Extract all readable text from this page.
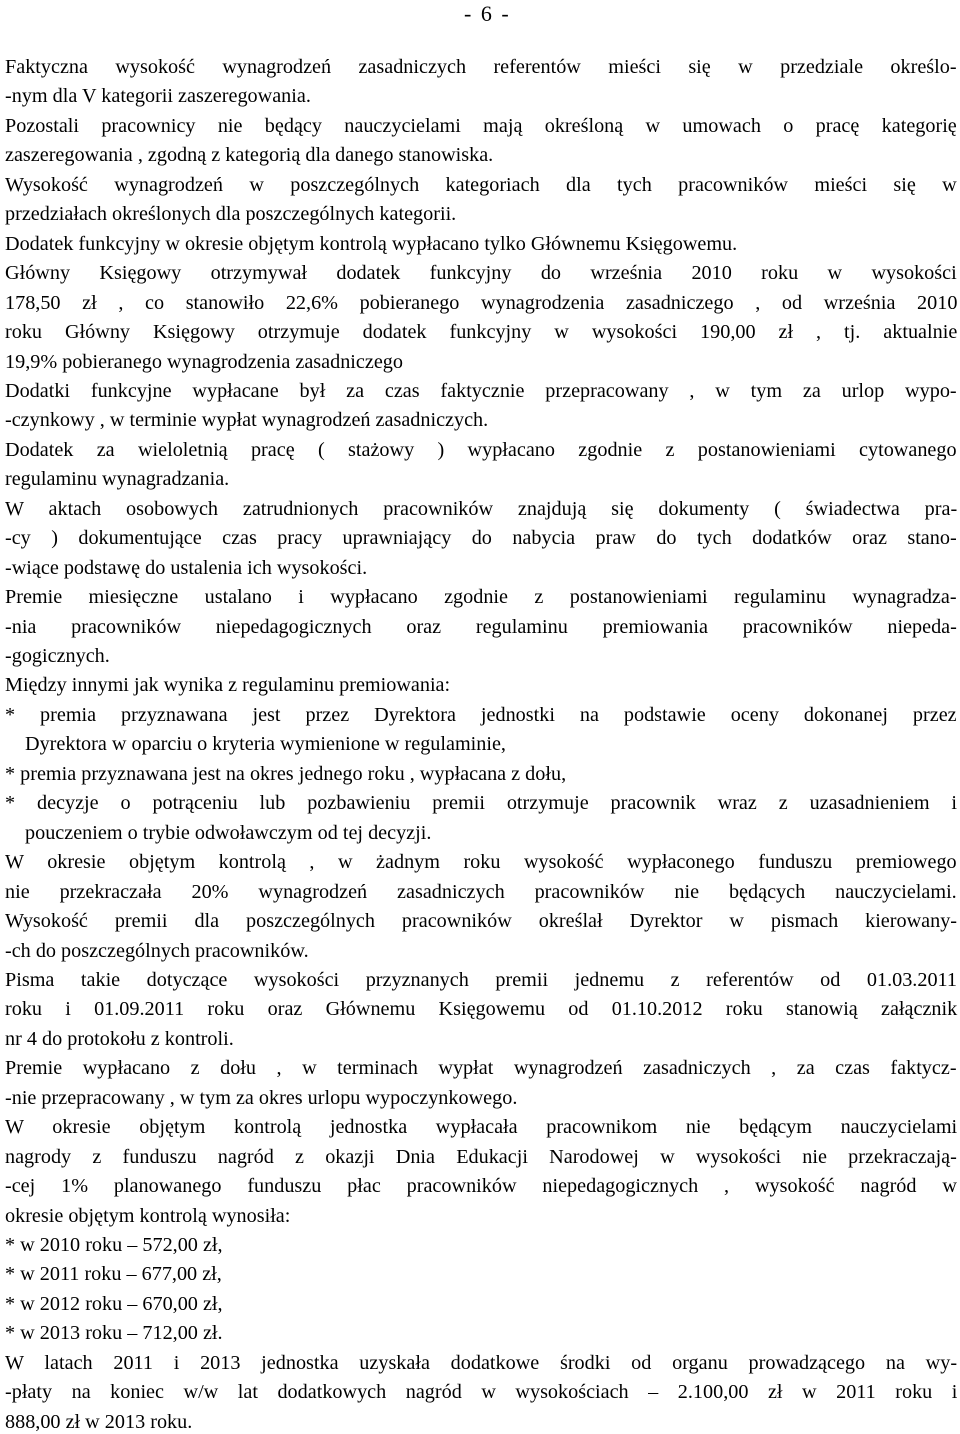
- 6 -
Faktyczna wysokość wynagrodzeń zasadniczych referentów mieści się w przedziale określo-
-nym dla V kategorii zaszeregowania.
Pozostali pracownicy nie będący nauczycielami mają określoną w umowach o pracę kategorię
zaszeregowania , zgodną z kategorią dla danego stanowiska.
Wysokość wynagrodzeń w poszczególnych kategoriach dla tych pracowników mieści się w
przedziałach określonych dla poszczególnych kategorii.
Dodatek funkcyjny w okresie objętym kontrolą wypłacano tylko Głównemu Księgowemu.
Główny Księgowy otrzymywał dodatek funkcyjny do września 2010 roku w wysokości
178,50 zł , co stanowiło 22,6% pobieranego wynagrodzenia zasadniczego , od września 2010
roku Główny Księgowy otrzymuje dodatek funkcyjny w wysokości 190,00 zł , tj. aktualnie
19,9% pobieranego wynagrodzenia zasadniczego
Dodatki funkcyjne wypłacane był za czas faktycznie przepracowany , w tym za urlop wypo-
-czynkowy , w terminie wypłat wynagrodzeń zasadniczych.
Dodatek za wieloletnią pracę ( stażowy ) wypłacano zgodnie z postanowieniami cytowanego
regulaminu wynagradzania.
W aktach osobowych zatrudnionych pracowników znajdują się dokumenty ( świadectwa pra-
-cy ) dokumentujące czas pracy uprawniający do nabycia praw do tych dodatków oraz stano-
-wiące podstawę do ustalenia ich wysokości.
Premie miesięczne ustalano i wypłacano zgodnie z postanowieniami regulaminu wynagradza-
-nia pracowników niepedagogicznych oraz regulaminu premiowania pracowników niepeda-
-gogicznych.
Między innymi jak wynika z regulaminu premiowania:
* premia przyznawana jest przez Dyrektora jednostki na podstawie oceny dokonanej przez
Dyrektora w oparciu o kryteria wymienione w regulaminie,
* premia przyznawana jest na okres jednego roku , wypłacana z dołu,
* decyzje o potrąceniu lub pozbawieniu premii otrzymuje pracownik wraz z uzasadnieniem i
pouczeniem o trybie odwoławczym od tej decyzji.
W okresie objętym kontrolą , w żadnym roku wysokość wypłaconego funduszu premiowego
nie przekraczała 20% wynagrodzeń zasadniczych pracowników nie będących nauczycielami.
Wysokość premii dla poszczególnych pracowników określał Dyrektor w pismach kierowany-
-ch do poszczególnych pracowników.
Pisma takie dotyczące wysokości przyznanych premii jednemu z referentów od 01.03.2011
roku i 01.09.2011 roku oraz Głównemu Księgowemu od 01.10.2012 roku stanowią załącznik
nr 4 do protokołu z kontroli.
Premie wypłacano z dołu , w terminach wypłat wynagrodzeń zasadniczych , za czas faktycz-
-nie przepracowany , w tym za okres urlopu wypoczynkowego.
W okresie objętym kontrolą jednostka wypłacała pracownikom nie będącym nauczycielami
nagrody z funduszu nagród z okazji Dnia Edukacji Narodowej w wysokości nie przekraczają-
-cej 1% planowanego funduszu płac pracowników niepedagogicznych , wysokość nagród w
okresie objętym kontrolą wynosiła:
* w 2010 roku – 572,00 zł,
* w 2011 roku – 677,00 zł,
* w 2012 roku – 670,00 zł,
* w 2013 roku – 712,00 zł.
W latach 2011 i 2013 jednostka uzyskała dodatkowe środki od organu prowadzącego na wy-
-płaty na koniec w/w lat dodatkowych nagród w wysokościach – 2.100,00 zł w 2011 roku i
888,00 zł w 2013 roku.
